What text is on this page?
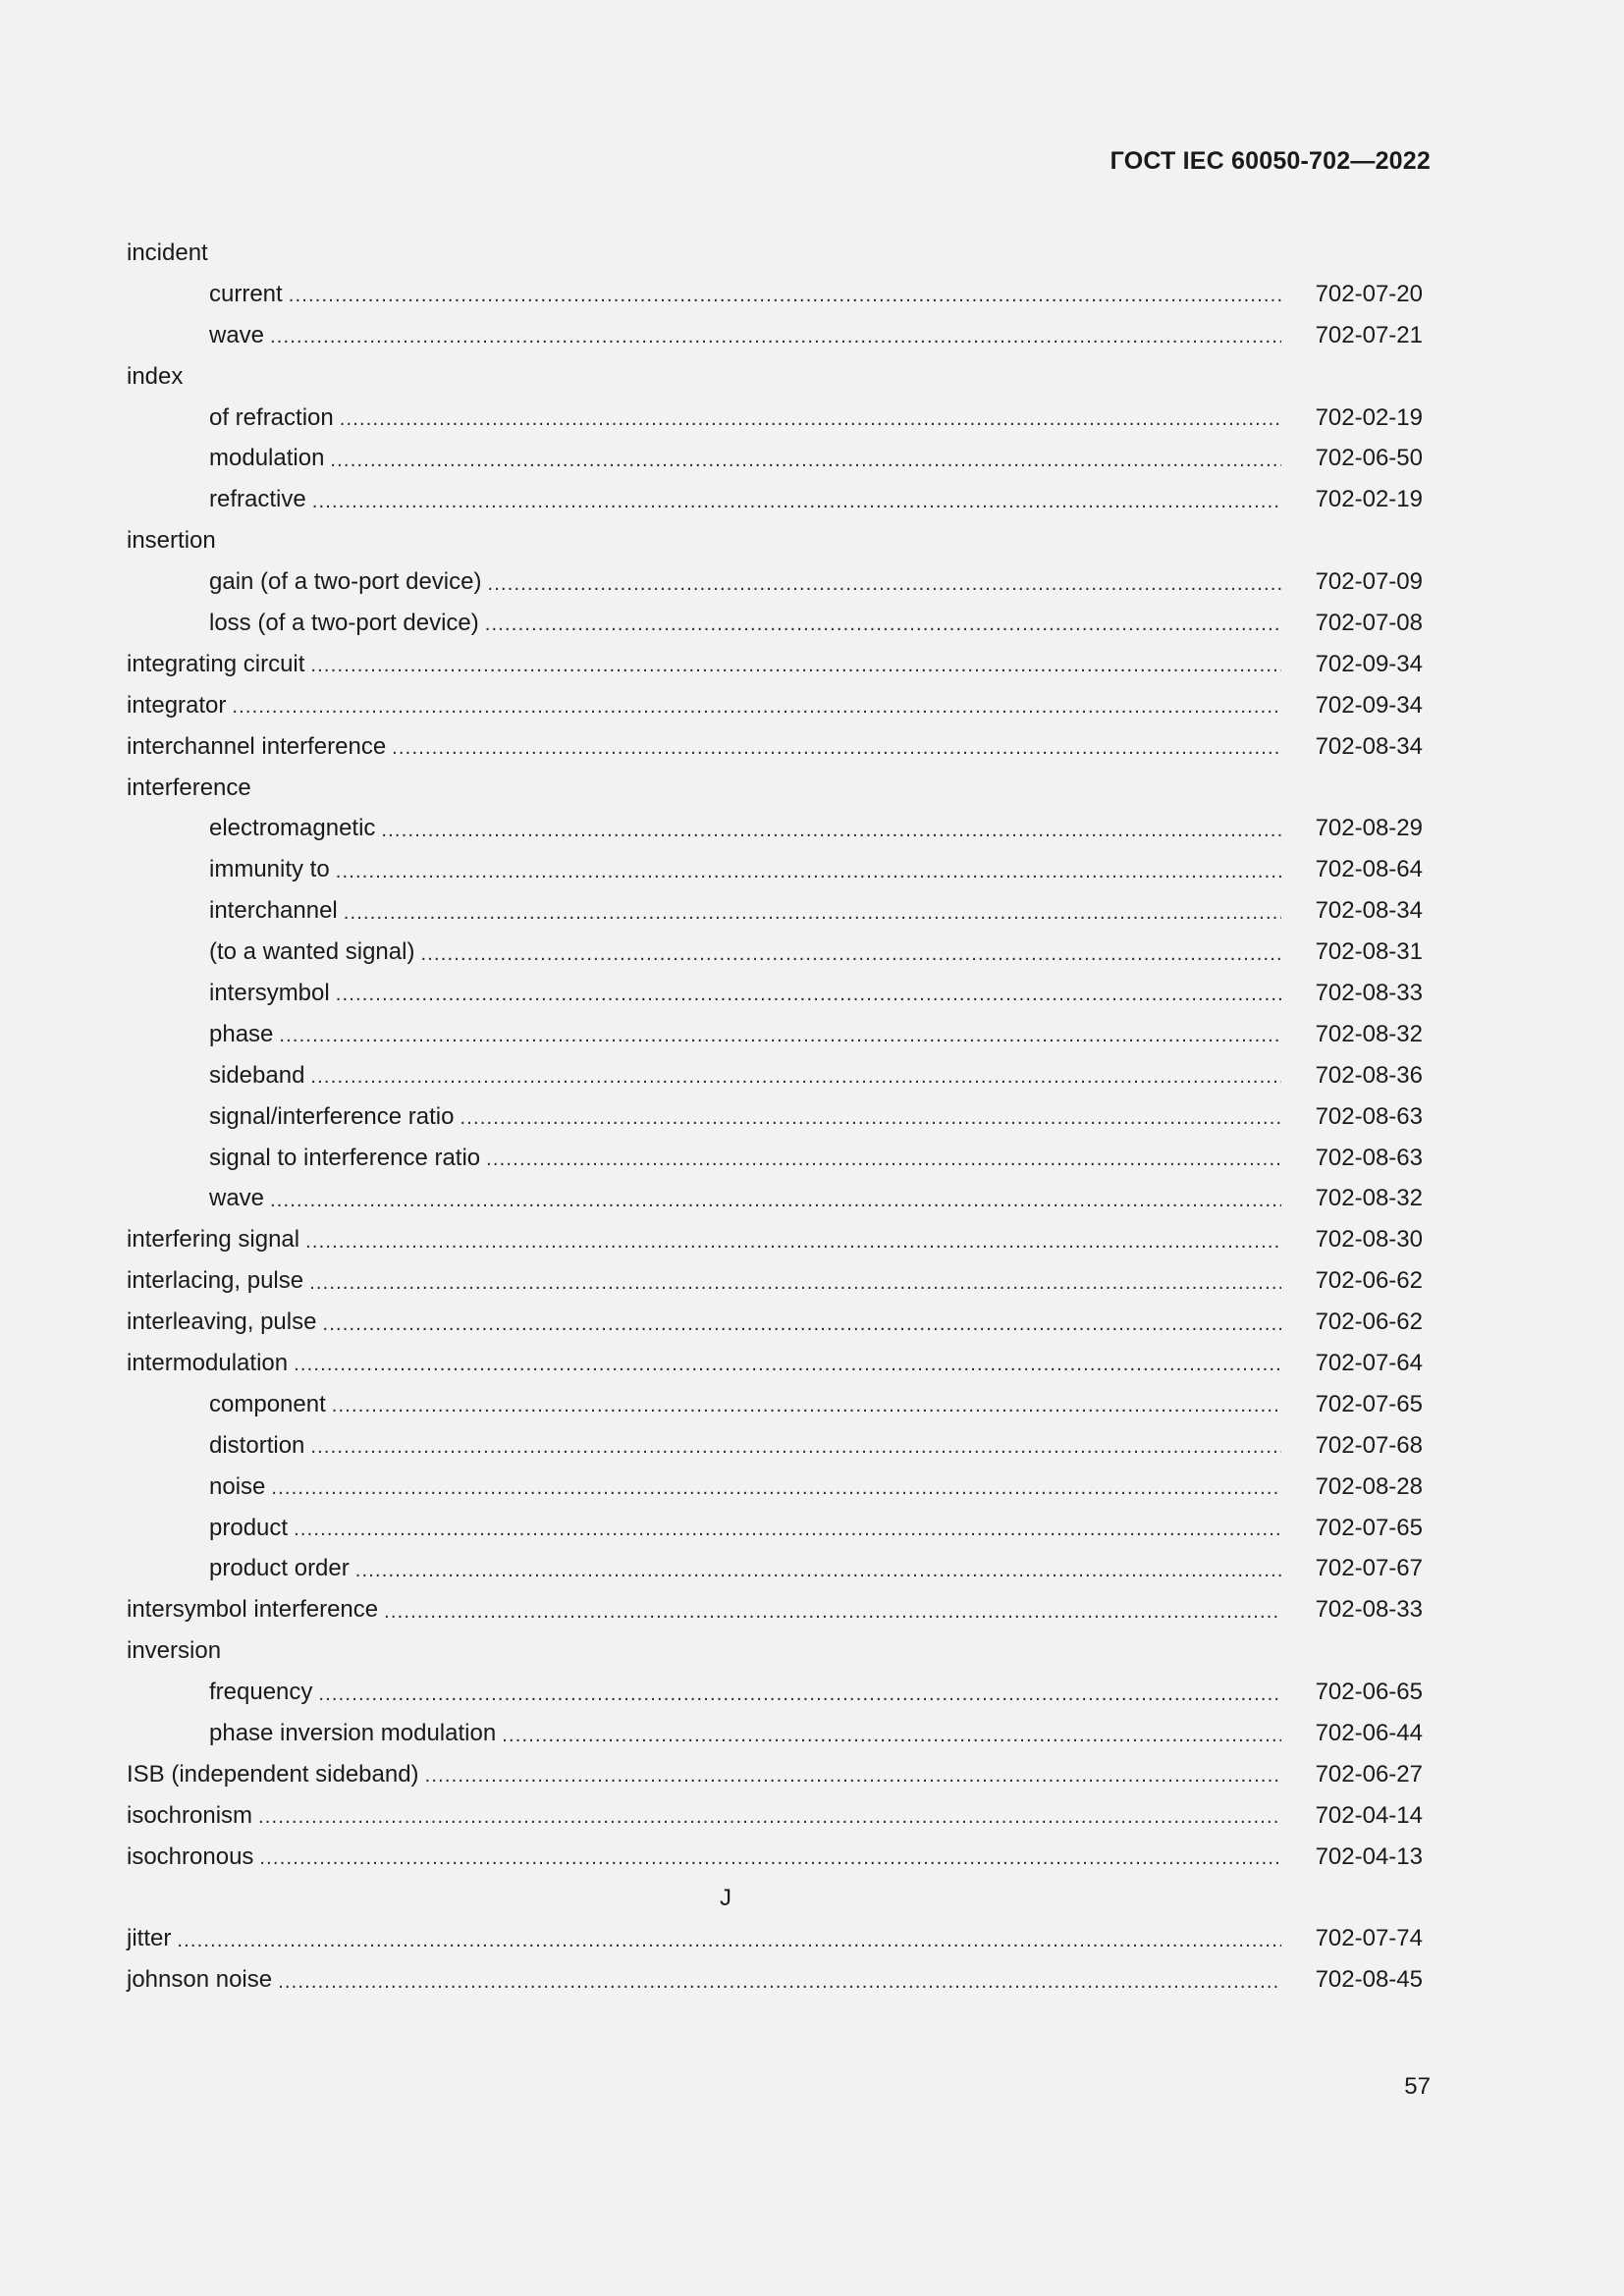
ГОСТ IEC 60050-702—2022
incident
current .....	702-07-20
wave .....	702-07-21
index
of refraction .....	702-02-19
modulation .....	702-06-50
refractive .....	702-02-19
insertion
gain (of a two-port device) .....	702-07-09
loss (of a two-port device) .....	702-07-08
integrating circuit .....	702-09-34
integrator .....	702-09-34
interchannel interference .....	702-08-34
interference
electromagnetic .....	702-08-29
immunity to .....	702-08-64
interchannel .....	702-08-34
(to a wanted signal) .....	702-08-31
intersymbol .....	702-08-33
phase .....	702-08-32
sideband .....	702-08-36
signal/interference ratio .....	702-08-63
signal to interference ratio .....	702-08-63
wave .....	702-08-32
interfering signal .....	702-08-30
interlacing, pulse .....	702-06-62
interleaving, pulse .....	702-06-62
intermodulation .....	702-07-64
component .....	702-07-65
distortion .....	702-07-68
noise .....	702-08-28
product .....	702-07-65
product order .....	702-07-67
intersymbol interference .....	702-08-33
inversion
frequency .....	702-06-65
phase inversion modulation .....	702-06-44
ISB (independent sideband) .....	702-06-27
isochronism .....	702-04-14
isochronous .....	702-04-13
J
jitter .....	702-07-74
johnson noise .....	702-08-45
57
